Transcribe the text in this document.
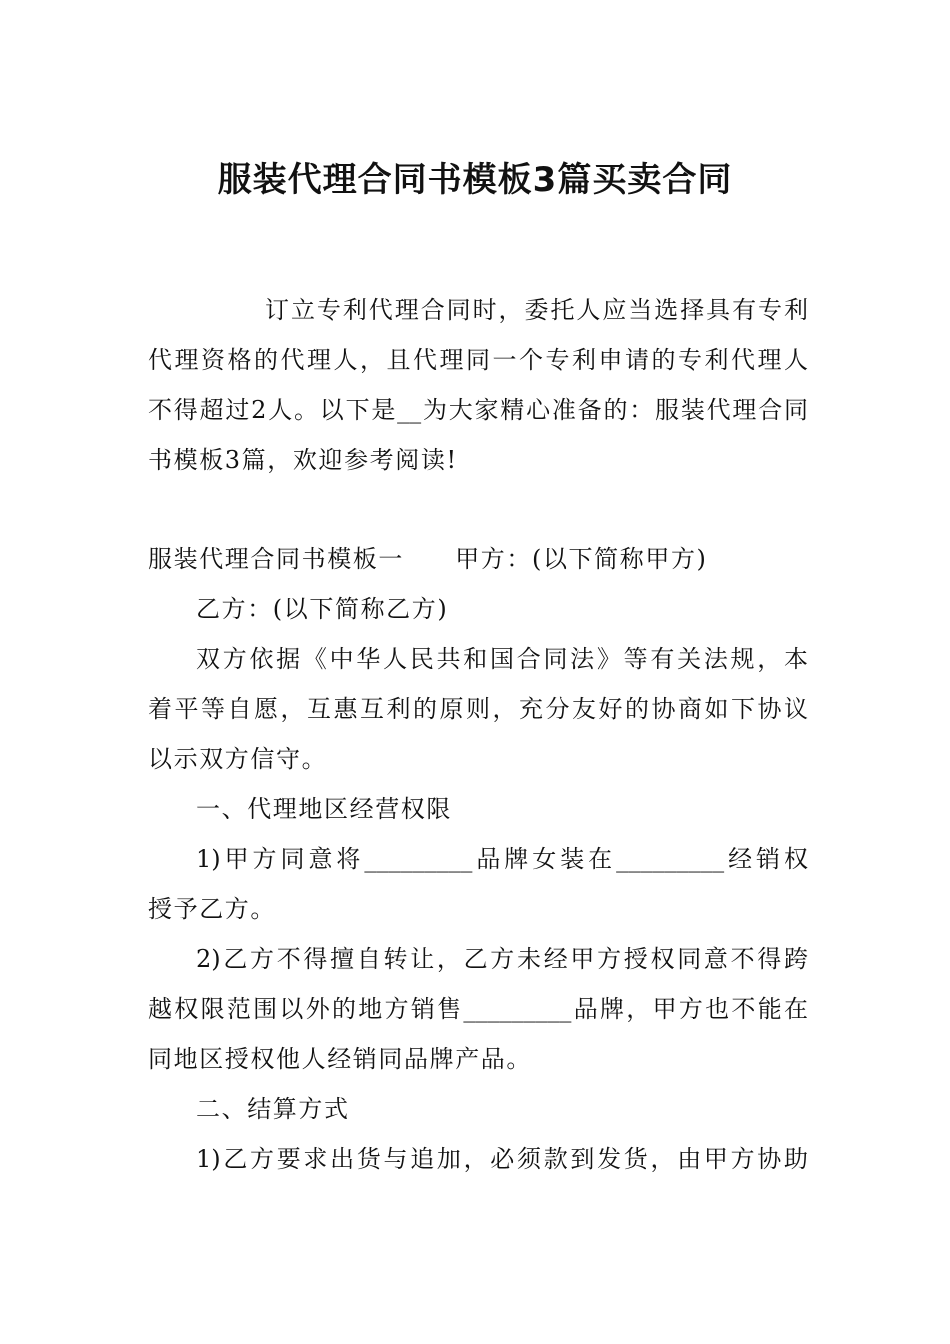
服装代理合同书模板3篇买卖合同
订立专利代理合同时，委托人应当选择具有专利
代理资格的代理人，且代理同一个专利申请的专利代理人
不得超过2人。以下是__为大家精心准备的：服装代理合同
书模板3篇，欢迎参考阅读!
服装代理合同书模板一　　甲方：(以下简称甲方)
乙方：(以下简称乙方)
双方依据《中华人民共和国合同法》等有关法规，本
着平等自愿，互惠互利的原则，充分友好的协商如下协议
以示双方信守。
一、代理地区经营权限
1)甲方同意将_________品牌女装在_________经销权
授予乙方。
2)乙方不得擅自转让，乙方未经甲方授权同意不得跨
越权限范围以外的地方销售_________品牌，甲方也不能在
同地区授权他人经销同品牌产品。
二、结算方式
1)乙方要求出货与追加，必须款到发货，由甲方协助
